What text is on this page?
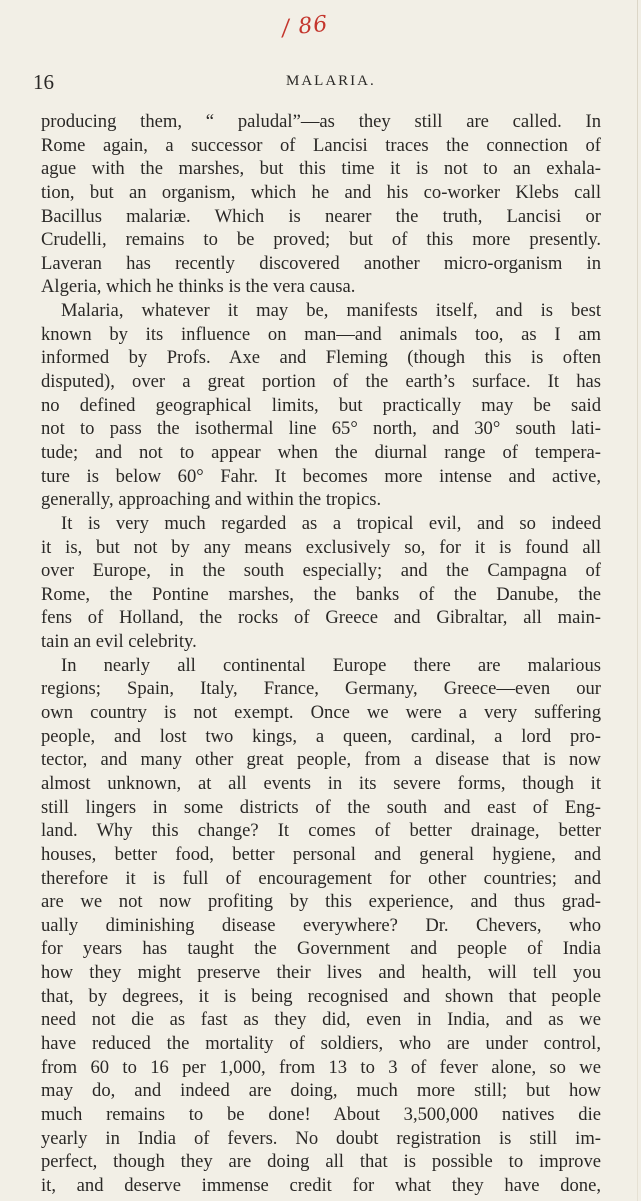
/ 86
16	MALARIA.
producing them, “ paludal”—as they still are called. In
Rome again, a successor of Lancisi traces the connection of
ague with the marshes, but this time it is not to an exhala-
tion, but an organism, which he and his co-worker Klebs call
Bacillus malariæ. Which is nearer the truth, Lancisi or
Crudelli, remains to be proved; but of this more presently.
Laveran has recently discovered another micro-organism in
Algeria, which he thinks is the vera causa.
Malaria, whatever it may be, manifests itself, and is best
known by its influence on man—and animals too, as I am
informed by Profs. Axe and Fleming (though this is often
disputed), over a great portion of the earth’s surface. It has
no defined geographical limits, but practically may be said
not to pass the isothermal line 65° north, and 30° south lati-
tude; and not to appear when the diurnal range of tempera-
ture is below 60° Fahr. It becomes more intense and active,
generally, approaching and within the tropics.
It is very much regarded as a tropical evil, and so indeed
it is, but not by any means exclusively so, for it is found all
over Europe, in the south especially; and the Campagna of
Rome, the Pontine marshes, the banks of the Danube, the
fens of Holland, the rocks of Greece and Gibraltar, all main-
tain an evil celebrity.
In nearly all continental Europe there are malarious
regions; Spain, Italy, France, Germany, Greece—even our
own country is not exempt. Once we were a very suffering
people, and lost two kings, a queen, cardinal, a lord pro-
tector, and many other great people, from a disease that is now
almost unknown, at all events in its severe forms, though it
still lingers in some districts of the south and east of Eng-
land. Why this change? It comes of better drainage, better
houses, better food, better personal and general hygiene, and
therefore it is full of encouragement for other countries; and
are we not now profiting by this experience, and thus grad-
ually diminishing disease everywhere? Dr. Chevers, who
for years has taught the Government and people of India
how they might preserve their lives and health, will tell you
that, by degrees, it is being recognised and shown that people
need not die as fast as they did, even in India, and as we
have reduced the mortality of soldiers, who are under control,
from 60 to 16 per 1,000, from 13 to 3 of fever alone, so we
may do, and indeed are doing, much more still; but how
much remains to be done! About 3,500,000 natives die
yearly in India of fevers. No doubt registration is still im-
perfect, though they are doing all that is possible to improve
it, and deserve immense credit for what they have done,
